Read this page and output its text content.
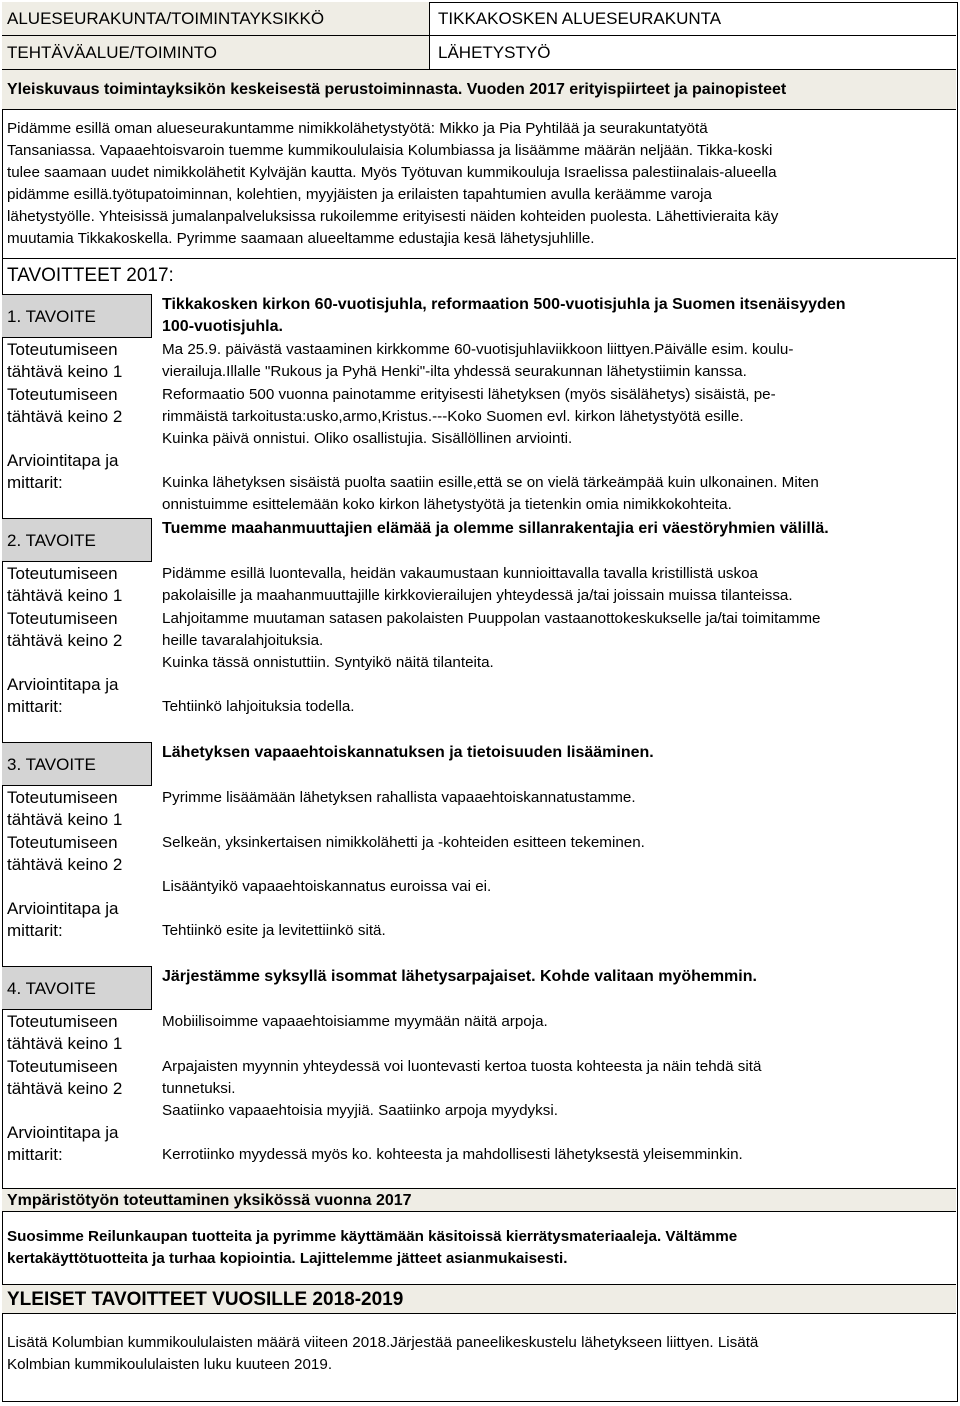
ALUESEURAKUNTA/TOIMINTAYKSIKKÖ	TIKKAKOSKEN ALUESEURAKUNTA
TEHTÄVÄALUE/TOIMINTO	LÄHETYSTYÖ
Yleiskuvaus toimintayksikön keskeisestä perustoiminnasta. Vuoden 2017 erityispiirteet ja painopisteet
Pidämme esillä oman alueseurakuntamme nimikkolähetystyötä: Mikko ja Pia Pyhtilää ja seurakuntatyötä
Tansaniassa. Vapaaehtoisvaroin tuemme kummikoululaisia Kolumbiassa ja lisäämme määrän neljään. Tikka-koski
tulee saamaan uudet nimikkolähetit Kylväjän kautta. Myös Työtuvan kummikouluja Israelissa palestiinalais-alueella
pidämme esillä.työtupatoiminnan, kolehtien, myyjäisten ja erilaisten tapahtumien avulla keräämme varoja
lähetystyölle. Yhteisissä jumalanpalveluksissa rukoilemme erityisesti näiden kohteiden puolesta. Lähettivieraita käy
muutamia Tikkakoskella. Pyrimme saamaan alueeltamme edustajia kesä lähetysjuhlille.
TAVOITTEET 2017:
1. TAVOITE
Tikkakosken kirkon 60-vuotisjuhla, reformaation 500-vuotisjuhla ja Suomen itsenäisyyden
100-vuotisjuhla.
Toteutumiseen
tähtävä keino 1
Ma 25.9. päivästä vastaaminen kirkkomme 60-vuotisjuhlaviikkoon liittyen.Päivälle esim. koulu-
vierailuja.Illalle "Rukous ja Pyhä Henki"-ilta yhdessä seurakunnan lähetystiimin kanssa.
Toteutumiseen
tähtävä keino 2
Reformaatio 500 vuonna painotamme erityisesti lähetyksen (myös sisälähetys) sisäistä, pe-
rimmäistä tarkoitusta:usko,armo,Kristus.---Koko Suomen evl. kirkon lähetystyötä esille.
Arviointitapa ja
mittarit:
Kuinka päivä onnistui. Oliko osallistujia. Sisällöllinen arviointi.
Kuinka lähetyksen sisäistä puolta saatiin esille,että se on vielä tärkeämpää kuin ulkonainen. Miten
onnistuimme esittelemään koko kirkon lähetystyötä ja tietenkin omia nimikkokohteita.
2. TAVOITE
Tuemme maahanmuuttajien elämää ja olemme sillanrakentajia eri väestöryhmien välillä.
Toteutumiseen
tähtävä keino 1
Pidämme esillä luontevalla, heidän vakaumustaan kunnioittavalla tavalla kristillistä uskoa
pakolaisille ja maahanmuuttajille kirkkovierailujen yhteydessä ja/tai joissain muissa tilanteissa.
Toteutumiseen
tähtävä keino 2
Lahjoitamme muutaman satasen pakolaisten Puuppolan vastaanottokeskukselle ja/tai toimitamme
heille tavaralahjoituksia.
Arviointitapa ja
mittarit:
Kuinka tässä onnistuttiin. Syntyikö näitä tilanteita.
Tehtiinkö lahjoituksia todella.
3. TAVOITE
Lähetyksen vapaaehtoiskannatuksen ja tietoisuuden lisääminen.
Toteutumiseen
tähtävä keino 1
Pyrimme lisäämään lähetyksen rahallista vapaaehtoiskannatustamme.
Toteutumiseen
tähtävä keino 2
Selkeän, yksinkertaisen nimikkolähetti ja -kohteiden esitteen tekeminen.
Arviointitapa ja
mittarit:
Lisääntyikö vapaaehtoiskannatus euroissa vai ei.
Tehtiinkö esite ja levitettiinkö sitä.
4. TAVOITE
Järjestämme syksyllä isommat lähetysarpajaiset. Kohde valitaan myöhemmin.
Toteutumiseen
tähtävä keino 1
Mobiilisoimme vapaaehtoisiamme myymään näitä arpoja.
Toteutumiseen
tähtävä keino 2
Arpajaisten myynnin yhteydessä voi luontevasti kertoa tuosta kohteesta ja näin tehdä sitä
tunnetuksi.
Arviointitapa ja
mittarit:
Saatiinko vapaaehtoisia myyjiä. Saatiinko arpoja myydyksi.
Kerrotiinko myydessä myös ko. kohteesta ja mahdollisesti lähetyksestä yleisemminkin.
Ympäristötyön toteuttaminen yksikössä vuonna 2017
Suosimme Reilunkaupan tuotteita ja pyrimme käyttämään käsitoissä kierrätysmateriaaleja. Vältämme
kertakäyttötuotteita ja turhaa kopiointia. Lajittelemme jätteet asianmukaisesti.
YLEISET TAVOITTEET VUOSILLE 2018-2019
Lisätä Kolumbian kummikoululaisten määrä viiteen 2018.Järjestää paneelikeskustelu lähetykseen liittyen. Lisätä
Kolmbian kummikoululaisten luku kuuteen 2019.
